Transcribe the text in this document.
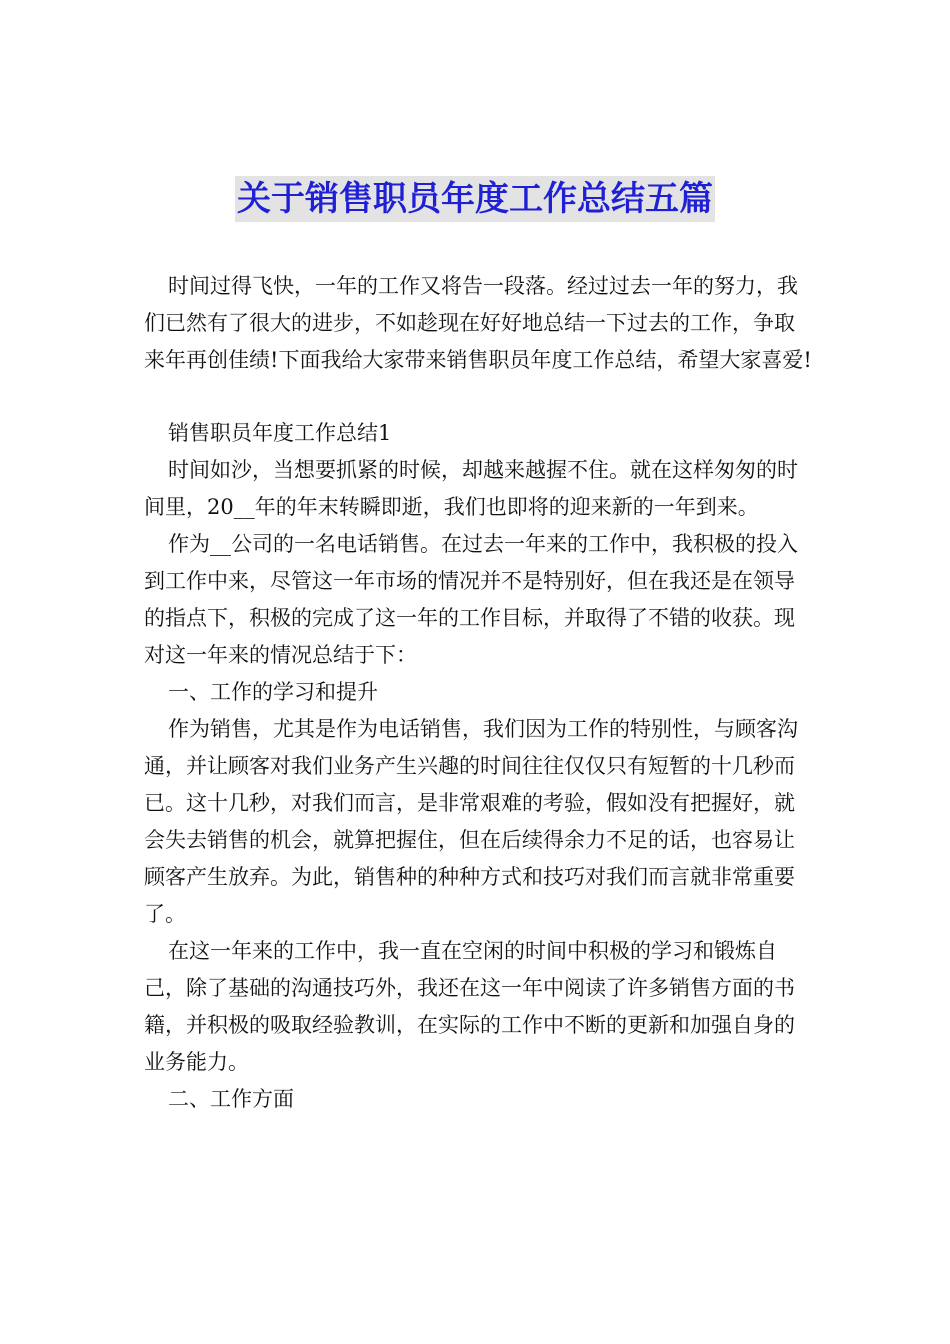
关于销售职员年度工作总结五篇

时间过得飞快，一年的工作又将告一段落。经过过去一年的努力，我们已然有了很大的进步，不如趁现在好好地总结一下过去的工作，争取来年再创佳绩!下面我给大家带来销售职员年度工作总结，希望大家喜爱!

销售职员年度工作总结1

时间如沙，当想要抓紧的时候，却越来越握不住。就在这样匆匆的时间里，20__年的年末转瞬即逝，我们也即将的迎来新的一年到来。

作为__公司的一名电话销售。在过去一年来的工作中，我积极的投入到工作中来，尽管这一年市场的情况并不是特别好，但在我还是在领导的指点下，积极的完成了这一年的工作目标，并取得了不错的收获。现对这一年来的情况总结于下：

一、工作的学习和提升

作为销售，尤其是作为电话销售，我们因为工作的特别性，与顾客沟通，并让顾客对我们业务产生兴趣的时间往往仅仅只有短暂的十几秒而已。这十几秒，对我们而言，是非常艰难的考验，假如没有把握好，就会失去销售的机会，就算把握住，但在后续得余力不足的话，也容易让顾客产生放弃。为此，销售种的种种方式和技巧对我们而言就非常重要了。

在这一年来的工作中，我一直在空闲的时间中积极的学习和锻炼自己，除了基础的沟通技巧外，我还在这一年中阅读了许多销售方面的书籍，并积极的吸取经验教训，在实际的工作中不断的更新和加强自身的业务能力。

二、工作方面
